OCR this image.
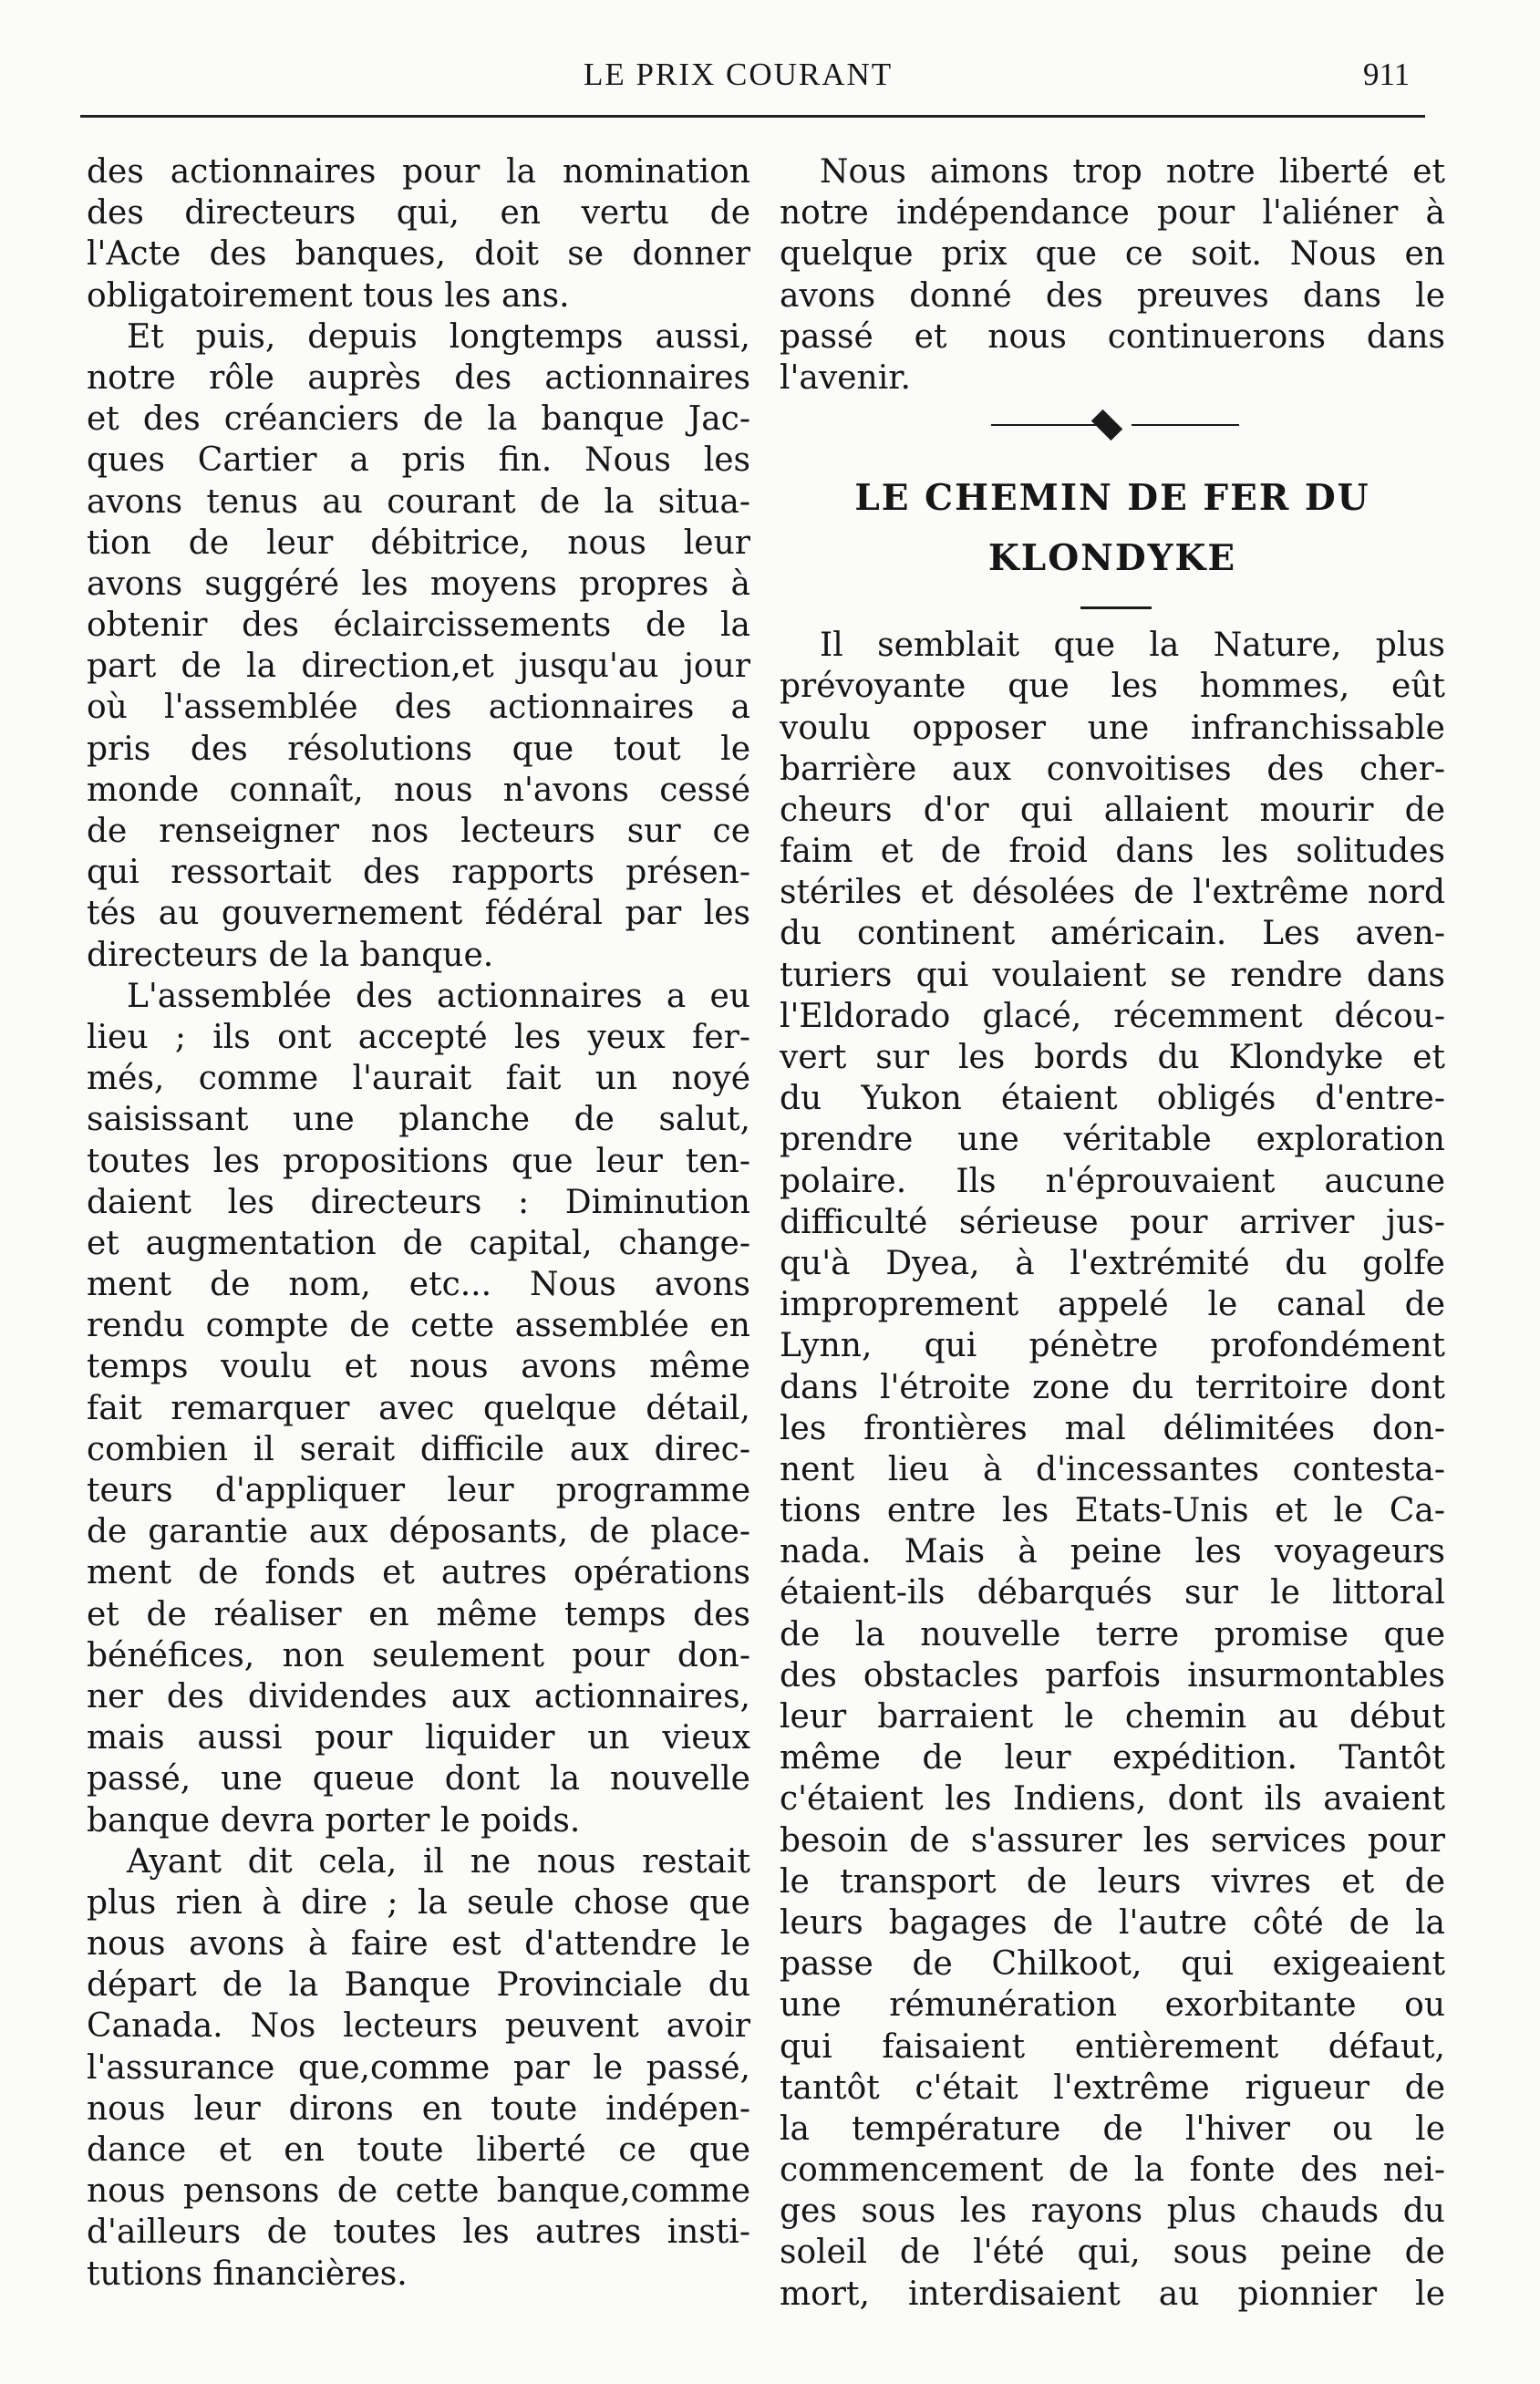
LE PRIX COURANT	911
des actionnaires pour la nomination
des directeurs qui, en vertu de
l'Acte des banques, doit se donner
obligatoirement tous les ans.
Et puis, depuis longtemps aussi,
notre rôle auprès des actionnaires
et des créanciers de la banque Jac-
ques Cartier a pris fin. Nous les
avons tenus au courant de la situa-
tion de leur débitrice, nous leur
avons suggéré les moyens propres à
obtenir des éclaircissements de la
part de la direction,et jusqu'au jour
où l'assemblée des actionnaires a
pris des résolutions que tout le
monde connaît, nous n'avons cessé
de renseigner nos lecteurs sur ce
qui ressortait des rapports présen-
tés au gouvernement fédéral par les
directeurs de la banque.
L'assemblée des actionnaires a eu
lieu ; ils ont accepté les yeux fer-
més, comme l'aurait fait un noyé
saisissant une planche de salut,
toutes les propositions que leur ten-
daient les directeurs : Diminution
et augmentation de capital, change-
ment de nom, etc... Nous avons
rendu compte de cette assemblée en
temps voulu et nous avons même
fait remarquer avec quelque détail,
combien il serait difficile aux direc-
teurs d'appliquer leur programme
de garantie aux déposants, de place-
ment de fonds et autres opérations
et de réaliser en même temps des
bénéfices, non seulement pour don-
ner des dividendes aux actionnaires,
mais aussi pour liquider un vieux
passé, une queue dont la nouvelle
banque devra porter le poids.
Ayant dit cela, il ne nous restait
plus rien à dire ; la seule chose que
nous avons à faire est d'attendre le
départ de la Banque Provinciale du
Canada. Nos lecteurs peuvent avoir
l'assurance que,comme par le passé,
nous leur dirons en toute indépen-
dance et en toute liberté ce que
nous pensons de cette banque,comme
d'ailleurs de toutes les autres insti-
tutions financières.
Nous aimons trop notre liberté et
notre indépendance pour l'aliéner à
quelque prix que ce soit. Nous en
avons donné des preuves dans le
passé et nous continuerons dans
l'avenir.
LE CHEMIN DE FER DU
KLONDYKE
Il semblait que la Nature, plus
prévoyante que les hommes, eût
voulu opposer une infranchissable
barrière aux convoitises des cher-
cheurs d'or qui allaient mourir de
faim et de froid dans les solitudes
stériles et désolées de l'extrême nord
du continent américain. Les aven-
turiers qui voulaient se rendre dans
l'Eldorado glacé, récemment décou-
vert sur les bords du Klondyke et
du Yukon étaient obligés d'entre-
prendre une véritable exploration
polaire. Ils n'éprouvaient aucune
difficulté sérieuse pour arriver jus-
qu'à Dyea, à l'extrémité du golfe
improprement appelé le canal de
Lynn, qui pénètre profondément
dans l'étroite zone du territoire dont
les frontières mal délimitées don-
nent lieu à d'incessantes contesta-
tions entre les Etats-Unis et le Ca-
nada. Mais à peine les voyageurs
étaient-ils débarqués sur le littoral
de la nouvelle terre promise que
des obstacles parfois insurmontables
leur barraient le chemin au début
même de leur expédition. Tantôt
c'étaient les Indiens, dont ils avaient
besoin de s'assurer les services pour
le transport de leurs vivres et de
leurs bagages de l'autre côté de la
passe de Chilkoot, qui exigeaient
une rémunération exorbitante ou
qui faisaient entièrement défaut,
tantôt c'était l'extrême rigueur de
la température de l'hiver ou le
commencement de la fonte des nei-
ges sous les rayons plus chauds du
soleil de l'été qui, sous peine de
mort, interdisaient au pionnier le
